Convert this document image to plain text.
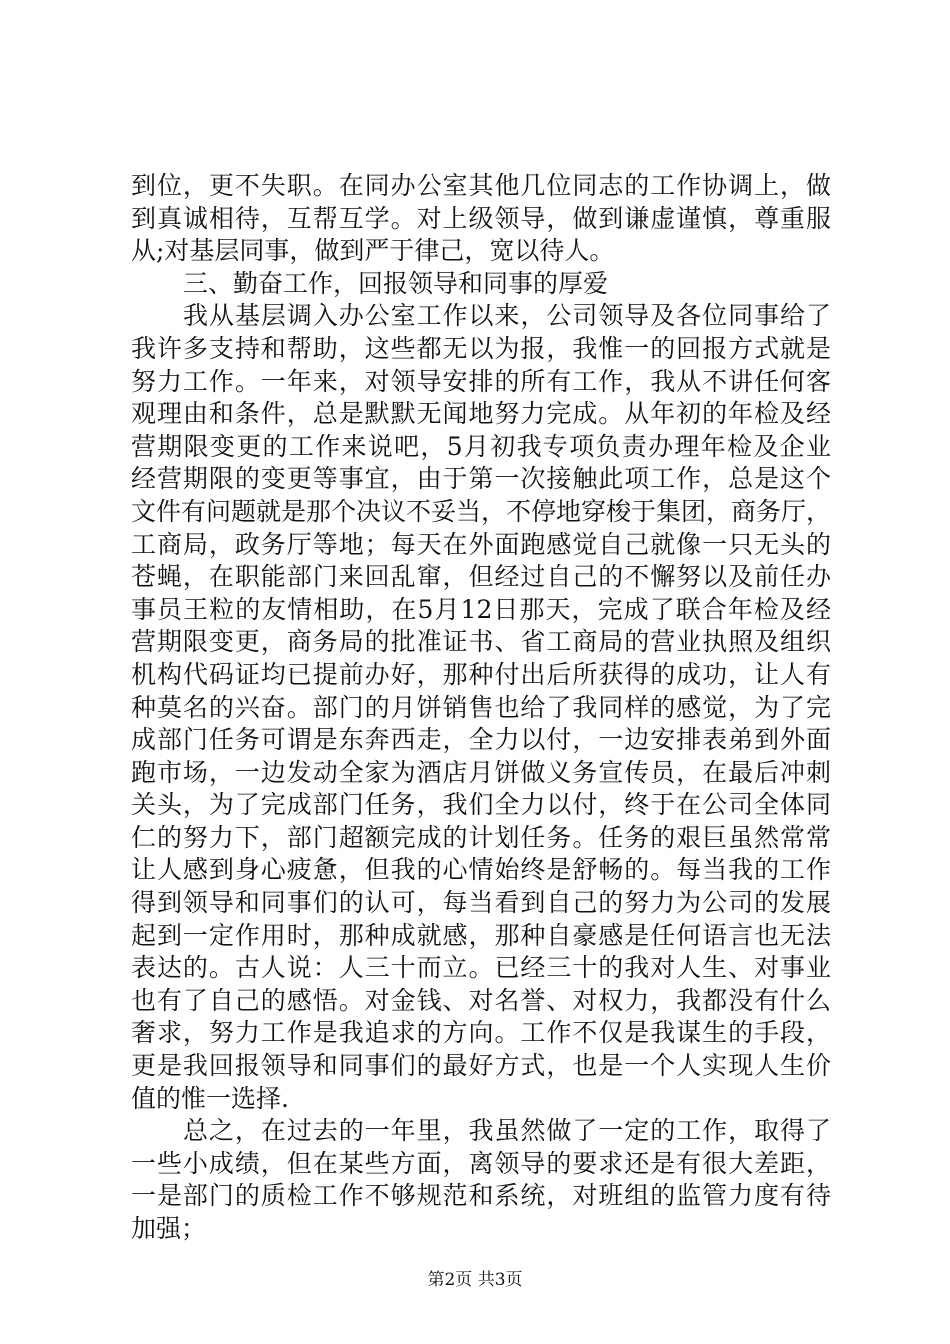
到位，更不失职。在同办公室其他几位同志的工作协调上，做
到真诚相待，互帮互学。对上级领导，做到谦虚谨慎，尊重服
从;对基层同事，做到严于律己，宽以待人。
三、勤奋工作，回报领导和同事的厚爱
我从基层调入办公室工作以来，公司领导及各位同事给了
我许多支持和帮助，这些都无以为报，我惟一的回报方式就是
努力工作。一年来，对领导安排的所有工作，我从不讲任何客
观理由和条件，总是默默无闻地努力完成。从年初的年检及经
营期限变更的工作来说吧，5月初我专项负责办理年检及企业
经营期限的变更等事宜，由于第一次接触此项工作，总是这个
文件有问题就是那个决议不妥当，不停地穿梭于集团，商务厅，
工商局，政务厅等地；每天在外面跑感觉自己就像一只无头的
苍蝇，在职能部门来回乱窜，但经过自己的不懈努以及前任办
事员王粒的友情相助，在5月12日那天，完成了联合年检及经
营期限变更，商务局的批准证书、省工商局的营业执照及组织
机构代码证均已提前办好，那种付出后所获得的成功，让人有
种莫名的兴奋。部门的月饼销售也给了我同样的感觉，为了完
成部门任务可谓是东奔西走，全力以付，一边安排表弟到外面
跑市场，一边发动全家为酒店月饼做义务宣传员，在最后冲刺
关头，为了完成部门任务，我们全力以付，终于在公司全体同
仁的努力下，部门超额完成的计划任务。任务的艰巨虽然常常
让人感到身心疲惫，但我的心情始终是舒畅的。每当我的工作
得到领导和同事们的认可，每当看到自己的努力为公司的发展
起到一定作用时，那种成就感，那种自豪感是任何语言也无法
表达的。古人说：人三十而立。已经三十的我对人生、对事业
也有了自己的感悟。对金钱、对名誉、对权力，我都没有什么
奢求，努力工作是我追求的方向。工作不仅是我谋生的手段，
更是我回报领导和同事们的最好方式，也是一个人实现人生价
值的惟一选择.
总之，在过去的一年里，我虽然做了一定的工作，取得了
一些小成绩，但在某些方面，离领导的要求还是有很大差距，
一是部门的质检工作不够规范和系统，对班组的监管力度有待
加强；
第2页 共3页
